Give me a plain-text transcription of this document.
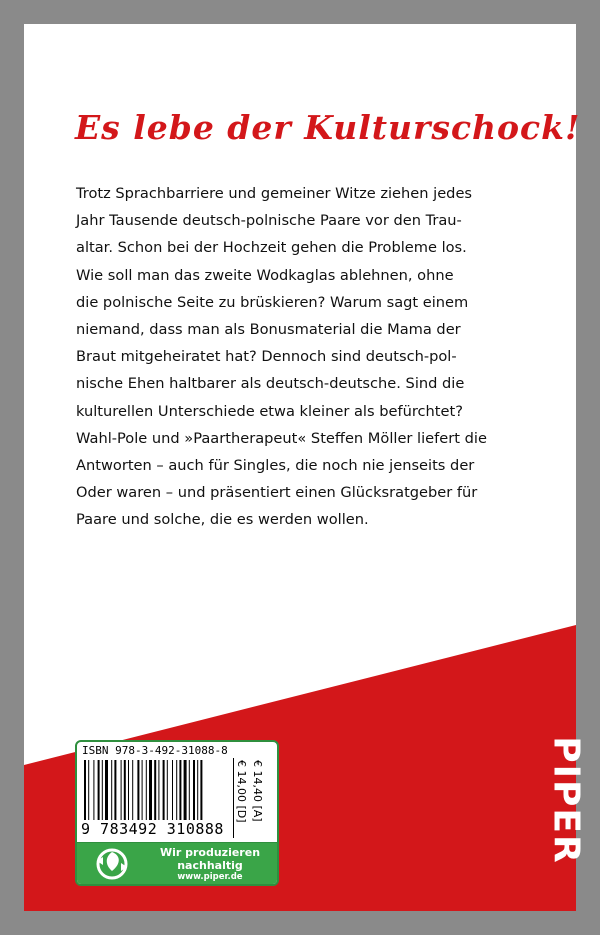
Es lebe der Kulturschock!
Trotz Sprachbarriere und gemeiner Witze ziehen jedes
Jahr Tausende deutsch-polnische Paare vor den Trau-
altar. Schon bei der Hochzeit gehen die Probleme los.
Wie soll man das zweite Wodkaglas ablehnen, ohne
die polnische Seite zu brüskieren? Warum sagt einem
niemand, dass man als Bonusmaterial die Mama der
Braut mitgeheiratet hat? Dennoch sind deutsch-pol-
nische Ehen haltbarer als deutsch-deutsche. Sind die
kulturellen Unterschiede etwa kleiner als befürchtet?
Wahl-Pole und »Paartherapeut« Steffen Möller liefert die
Antworten – auch für Singles, die noch nie jenseits der
Oder waren – und präsentiert einen Glücksratgeber für
Paare und solche, die es werden wollen.
ISBN 978-3-492-31088-8
9 783492 310888
€ 14,00 [D] € 14,40 [A]
Wir produzieren
nachhaltig
www.piper.de
PIPER
